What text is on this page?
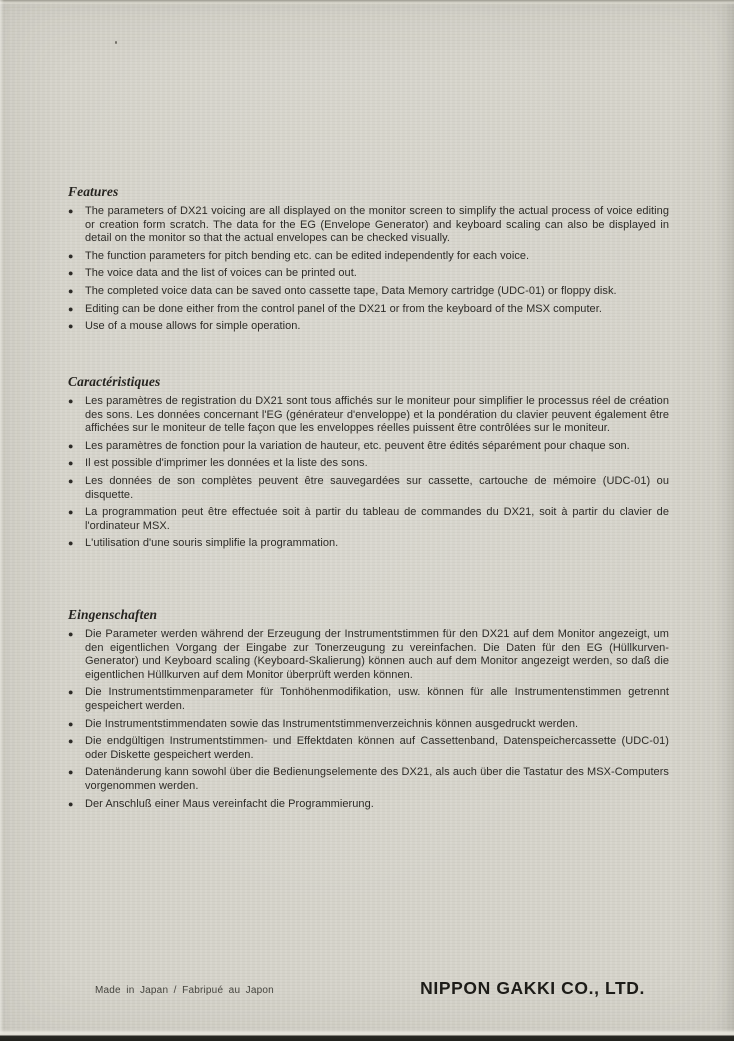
Features
●	The parameters of DX21 voicing are all displayed on the monitor screen to simplify the actual process of voice editing or creation form scratch. The data for the EG (Envelope Generator) and keyboard scaling can also be displayed in detail on the monitor so that the actual envelopes can be checked visually.
●	The function parameters for pitch bending etc. can be edited independently for each voice.
●	The voice data and the list of voices can be printed out.
●	The completed voice data can be saved onto cassette tape, Data Memory cartridge (UDC-01) or floppy disk.
●	Editing can be done either from the control panel of the DX21 or from the keyboard of the MSX computer.
●	Use of a mouse allows for simple operation.
Caractéristiques
●	Les paramètres de registration du DX21 sont tous affichés sur le moniteur pour simplifier le processus réel de création des sons. Les données concernant l'EG (générateur d'enveloppe) et la pondération du clavier peuvent également être affichées sur le moniteur de telle façon que les enveloppes réelles puissent être contrôlées sur le moniteur.
●	Les paramètres de fonction pour la variation de hauteur, etc. peuvent être édités séparément pour chaque son.
●	Il est possible d'imprimer les données et la liste des sons.
●	Les données de son complètes peuvent être sauvegardées sur cassette, cartouche de mémoire (UDC-01) ou disquette.
●	La programmation peut être effectuée soit à partir du tableau de commandes du DX21, soit à partir du clavier de l'ordinateur MSX.
●	L'utilisation d'une souris simplifie la programmation.
Eingenschaften
●	Die Parameter werden während der Erzeugung der Instrumentstimmen für den DX21 auf dem Monitor angezeigt, um den eigentlichen Vorgang der Eingabe zur Tonerzeugung zu vereinfachen. Die Daten für den EG (Hüllkurven-Generator) und Keyboard scaling (Keyboard-Skalierung) können auch auf dem Monitor angezeigt werden, so daß die eigentlichen Hüllkurven auf dem Monitor überprüft werden können.
●	Die Instrumentstimmenparameter für Tonhöhenmodifikation, usw. können für alle Instrumentenstimmen getrennt gespeichert werden.
●	Die Instrumentstimmendaten sowie das Instrumentstimmenverzeichnis können ausgedruckt werden.
●	Die endgültigen Instrumentstimmen- und Effektdaten können auf Cassettenband, Datenspeichercassette (UDC-01) oder Diskette gespeichert werden.
●	Datenänderung kann sowohl über die Bedienungselemente des DX21, als auch über die Tastatur des MSX-Computers vorgenommen werden.
●	Der Anschluß einer Maus vereinfacht die Programmierung.
Made in Japan / Fabripué au Japon	NIPPON GAKKI CO., LTD.
